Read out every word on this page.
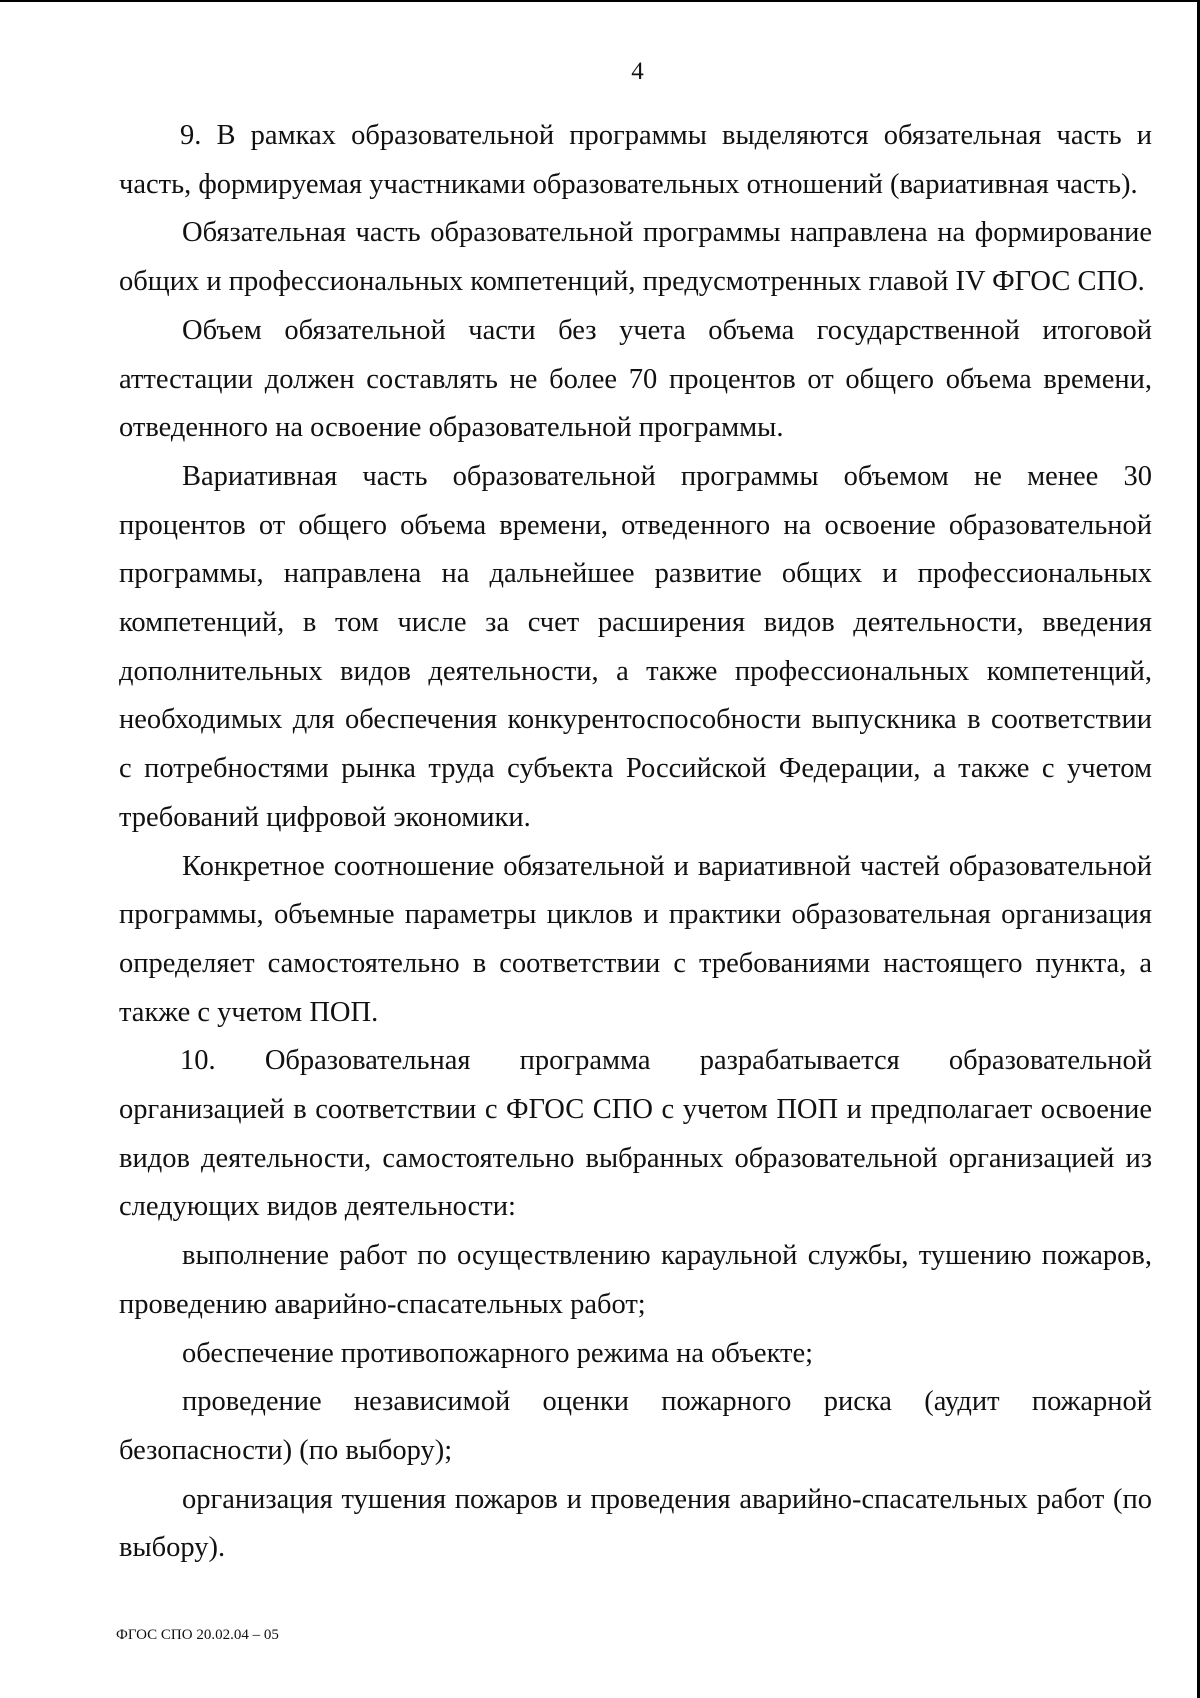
4

9. В рамках образовательной программы выделяются обязательная часть и часть, формируемая участниками образовательных отношений (вариативная часть).

Обязательная часть образовательной программы направлена на формирование общих и профессиональных компетенций, предусмотренных главой IV ФГОС СПО.

Объем обязательной части без учета объема государственной итоговой аттестации должен составлять не более 70 процентов от общего объема времени, отведенного на освоение образовательной программы.

Вариативная часть образовательной программы объемом не менее 30 процентов от общего объема времени, отведенного на освоение образовательной программы, направлена на дальнейшее развитие общих и профессиональных компетенций, в том числе за счет расширения видов деятельности, введения дополнительных видов деятельности, а также профессиональных компетенций, необходимых для обеспечения конкурентоспособности выпускника в соответствии с потребностями рынка труда субъекта Российской Федерации, а также с учетом требований цифровой экономики.

Конкретное соотношение обязательной и вариативной частей образовательной программы, объемные параметры циклов и практики образовательная организация определяет самостоятельно в соответствии с требованиями настоящего пункта, а также с учетом ПОП.

10. Образовательная программа разрабатывается образовательной организацией в соответствии с ФГОС СПО с учетом ПОП и предполагает освоение видов деятельности, самостоятельно выбранных образовательной организацией из следующих видов деятельности:

выполнение работ по осуществлению караульной службы, тушению пожаров, проведению аварийно-спасательных работ;

обеспечение противопожарного режима на объекте;

проведение независимой оценки пожарного риска (аудит пожарной безопасности) (по выбору);

организация тушения пожаров и проведения аварийно-спасательных работ (по выбору).

ФГОС СПО 20.02.04 – 05
